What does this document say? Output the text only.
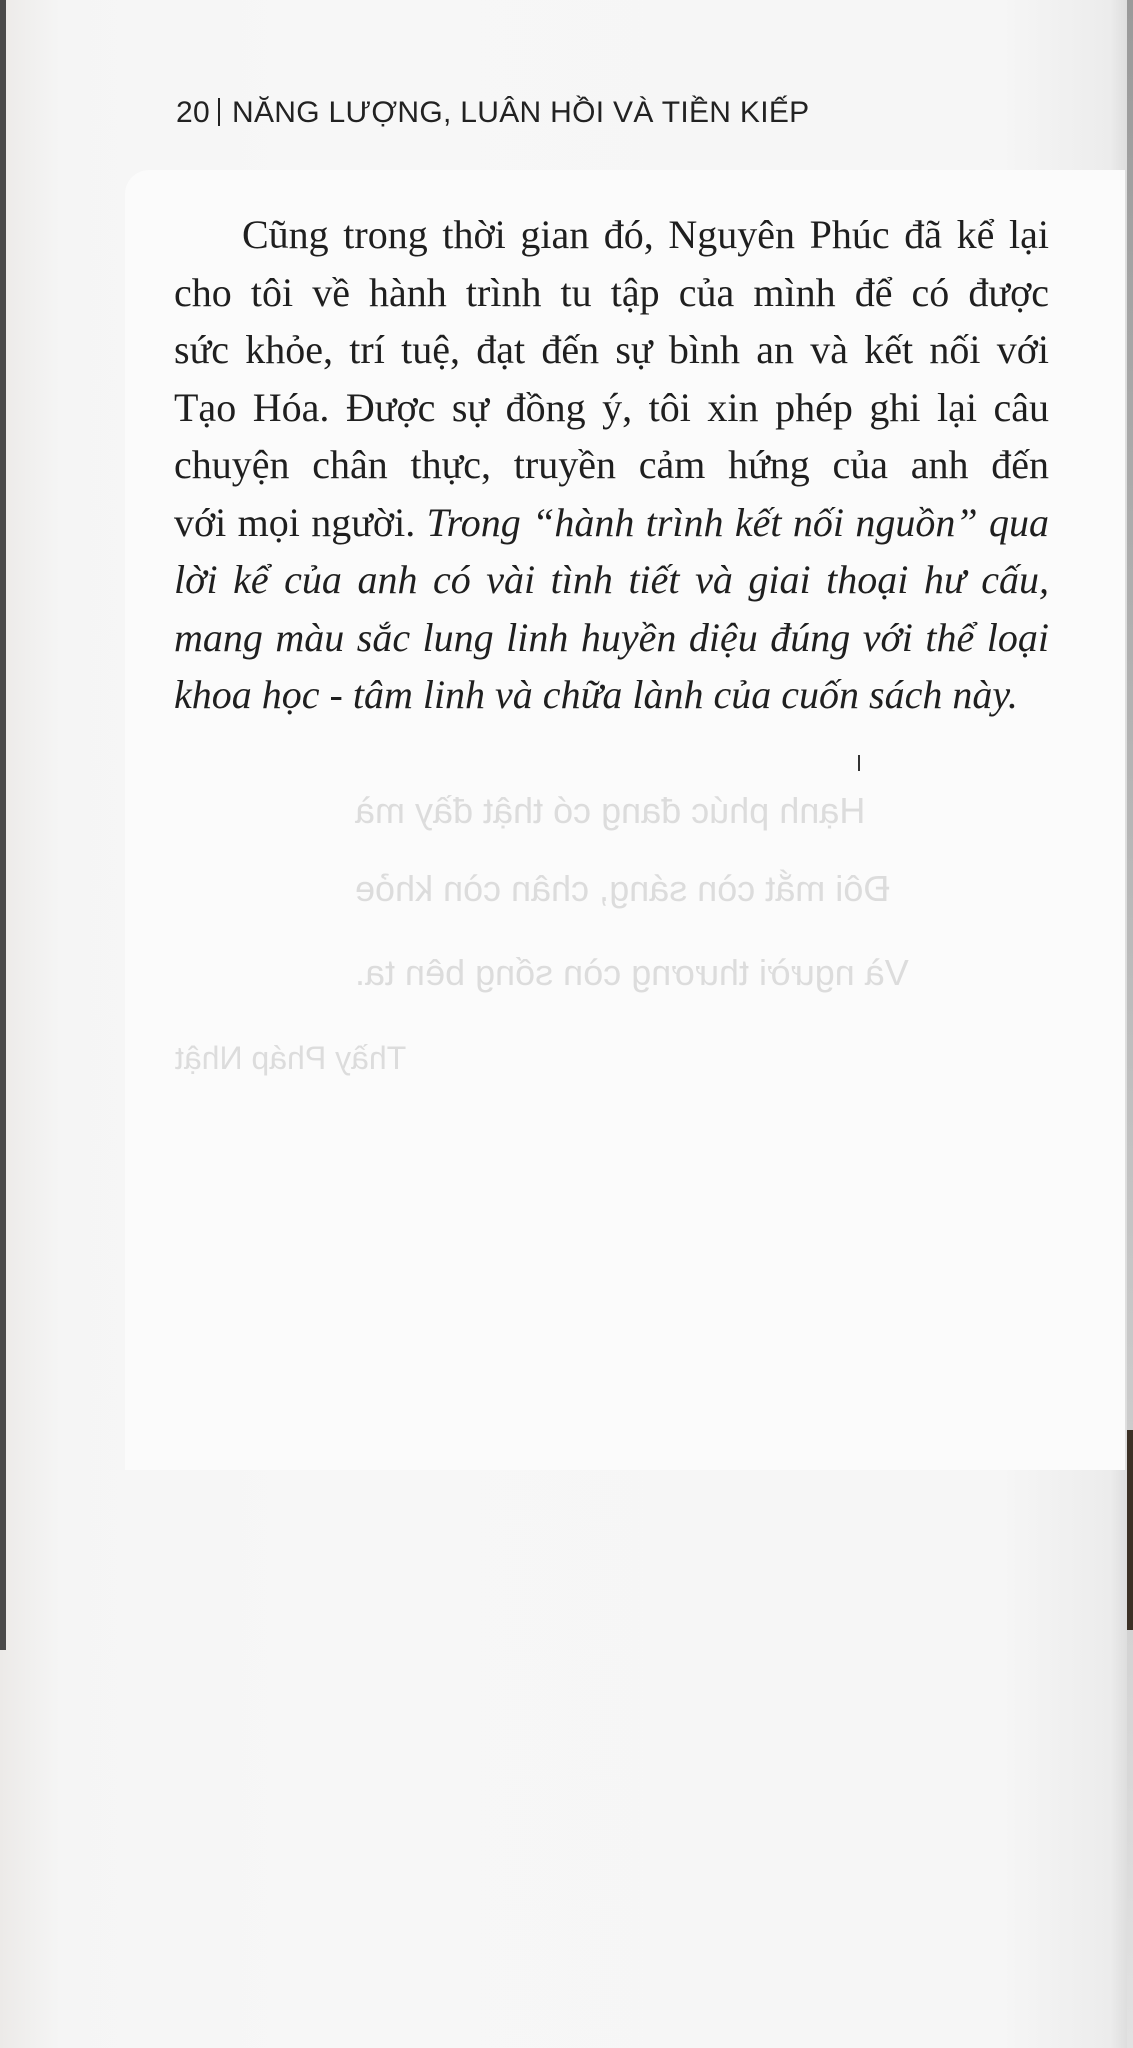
20 NĂNG LƯỢNG, LUÂN HỒI VÀ TIỀN KIẾP
Hạnh phúc đang có thật đầy mà
Đôi mắt còn sáng, chân còn khỏe
Và người thương còn sống bên ta.
Thầy Pháp Nhật
Cũng trong thời gian đó, Nguyên Phúc đã kể lại
cho tôi về hành trình tu tập của mình để có được
sức khỏe, trí tuệ, đạt đến sự bình an và kết nối với
Tạo Hóa. Được sự đồng ý, tôi xin phép ghi lại câu
chuyện chân thực, truyền cảm hứng của anh đến
với mọi người. Trong “hành trình kết nối nguồn” qua
lời kể của anh có vài tình tiết và giai thoại hư cấu,
mang màu sắc lung linh huyền diệu đúng với thể loại
khoa học - tâm linh và chữa lành của cuốn sách này.
